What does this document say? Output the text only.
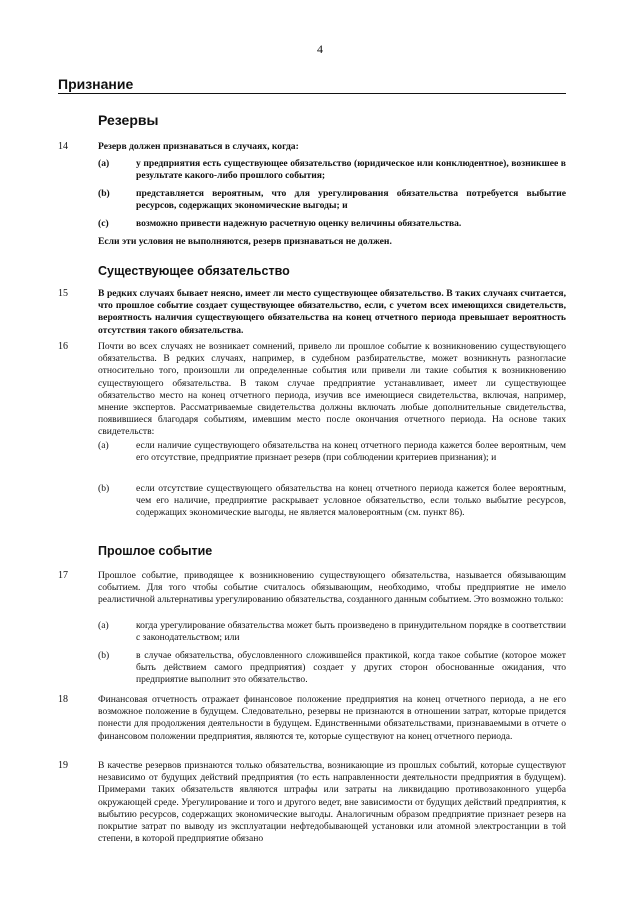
4
Признание
Резервы
14	Резерв должен признаваться в случаях, когда:
(a)	у предприятия есть существующее обязательство (юридическое или конклюдентное), возникшее в результате какого-либо прошлого события;
(b)	представляется вероятным, что для урегулирования обязательства потребуется выбытие ресурсов, содержащих экономические выгоды; и
(c)	возможно привести надежную расчетную оценку величины обязательства.
Если эти условия не выполняются, резерв признаваться не должен.
Существующее обязательство
15	В редких случаях бывает неясно, имеет ли место существующее обязательство. В таких случаях считается, что прошлое событие создает существующее обязательство, если, с учетом всех имеющихся свидетельств, вероятность наличия существующего обязательства на конец отчетного периода превышает вероятность отсутствия такого обязательства.
16	Почти во всех случаях не возникает сомнений, привело ли прошлое событие к возникновению существующего обязательства. В редких случаях, например, в судебном разбирательстве, может возникнуть разногласие относительно того, произошли ли определенные события или привели ли такие события к возникновению существующего обязательства. В таком случае предприятие устанавливает, имеет ли существующее обязательство место на конец отчетного периода, изучив все имеющиеся свидетельства, включая, например, мнение экспертов. Рассматриваемые свидетельства должны включать любые дополнительные свидетельства, появившиеся благодаря событиям, имевшим место после окончания отчетного периода. На основе таких свидетельств:
(a)	если наличие существующего обязательства на конец отчетного периода кажется более вероятным, чем его отсутствие, предприятие признает резерв (при соблюдении критериев признания); и
(b)	если отсутствие существующего обязательства на конец отчетного периода кажется более вероятным, чем его наличие, предприятие раскрывает условное обязательство, если только выбытие ресурсов, содержащих экономические выгоды, не является маловероятным (см. пункт 86).
Прошлое событие
17	Прошлое событие, приводящее к возникновению существующего обязательства, называется обязывающим событием. Для того чтобы событие считалось обязывающим, необходимо, чтобы предприятие не имело реалистичной альтернативы урегулированию обязательства, созданного данным событием. Это возможно только:
(a)	когда урегулирование обязательства может быть произведено в принудительном порядке в соответствии с законодательством; или
(b)	в случае обязательства, обусловленного сложившейся практикой, когда такое событие (которое может быть действием самого предприятия) создает у других сторон обоснованные ожидания, что предприятие выполнит это обязательство.
18	Финансовая отчетность отражает финансовое положение предприятия на конец отчетного периода, а не его возможное положение в будущем. Следовательно, резервы не признаются в отношении затрат, которые придется понести для продолжения деятельности в будущем. Единственными обязательствами, признаваемыми в отчете о финансовом положении предприятия, являются те, которые существуют на конец отчетного периода.
19	В качестве резервов признаются только обязательства, возникающие из прошлых событий, которые существуют независимо от будущих действий предприятия (то есть направленности деятельности предприятия в будущем). Примерами таких обязательств являются штрафы или затраты на ликвидацию противозаконного ущерба окружающей среде. Урегулирование и того и другого ведет, вне зависимости от будущих действий предприятия, к выбытию ресурсов, содержащих экономические выгоды. Аналогичным образом предприятие признает резерв на покрытие затрат по выводу из эксплуатации нефтедобывающей установки или атомной электростанции в той степени, в которой предприятие обязано
